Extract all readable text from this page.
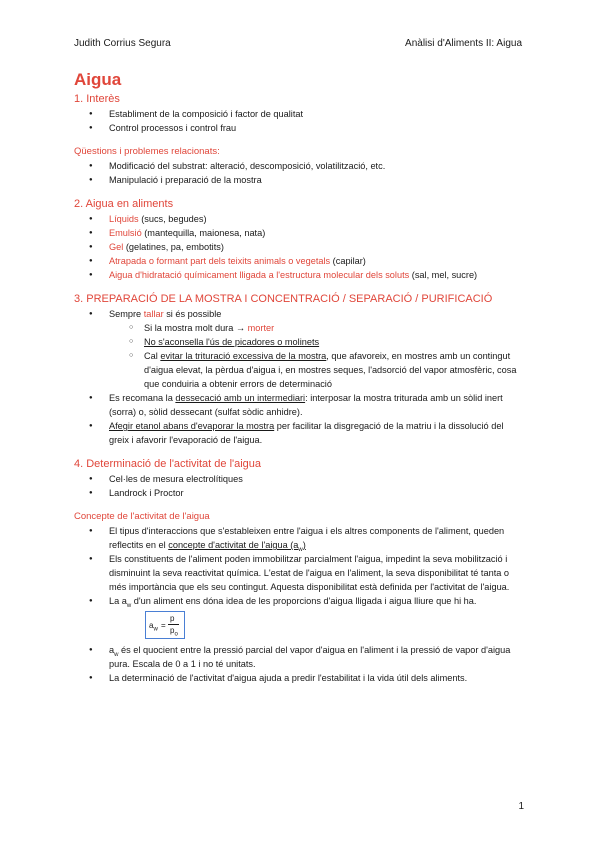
Judith Corrius Segura	Anàlisi d'Aliments II: Aigua
Aigua
1. Interès
● Establiment de la composició i factor de qualitat
● Control processos i control frau
Qüestions i problemes relacionats:
● Modificació del substrat: alteració, descomposició, volatilització, etc.
● Manipulació i preparació de la mostra
2. Aigua en aliments
● Líquids (sucs, begudes)
● Emulsió (mantequilla, maionesa, nata)
● Gel (gelatines, pa, embotits)
● Atrapada o formant part dels teixits animals o vegetals (capilar)
● Aigua d'hidratació químicament lligada a l'estructura molecular dels soluts (sal, mel, sucre)
3. PREPARACIÓ DE LA MOSTRA I CONCENTRACIÓ / SEPARACIÓ / PURIFICACIÓ
● Sempre tallar si és possible
○ Si la mostra molt dura → morter
○ No s'aconsella l'ús de picadores o molinets
○ Cal evitar la trituració excessiva de la mostra, que afavoreix, en mostres amb un contingut d'aigua elevat, la pèrdua d'aigua i, en mostres seques, l'adsorció del vapor atmosfèric, cosa que conduiria a obtenir errors de determinació
● Es recomana la dessecació amb un intermediari: interposar la mostra triturada amb un sòlid inert (sorra) o, sòlid dessecant (sulfat sòdic anhidre).
● Afegir etanol abans d'evaporar la mostra per facilitar la disgregació de la matriu i la dissolució del greix i afavorir l'evaporació de l'aigua.
4. Determinació de l'activitat de l'aigua
● Cel·les de mesura electrolítiques
● Landrock i Proctor
Concepte de l'activitat de l'aigua
● El tipus d'interaccions que s'estableixen entre l'aigua i els altres components de l'aliment, queden reflectits en el concepte d'activitat de l'aigua $(a_w)$
● Els constituents de l'aliment poden immobilitzar parcialment l'aigua, impedint la seva mobilització i disminuint la seva reactivitat química. L'estat de l'aigua en l'aliment, la seva disponibilitat té tanta o més importància que els seu contingut. Aquesta disponibilitat està definida per l'activitat de l'aigua.
● La $a_w$ d'un aliment ens dóna idea de les proporcions d'aigua lligada i aigua lliure que hi ha.
$a_w$ =
p
$p_o$
● $a_w$ és el quocient entre la pressió parcial del vapor d'aigua en l'aliment i la pressió de vapor d'aigua pura. Escala de 0 a 1 i no té unitats.
● La determinació de l'activitat d'aigua ajuda a predir l'estabilitat i la vida útil dels aliments.
1
